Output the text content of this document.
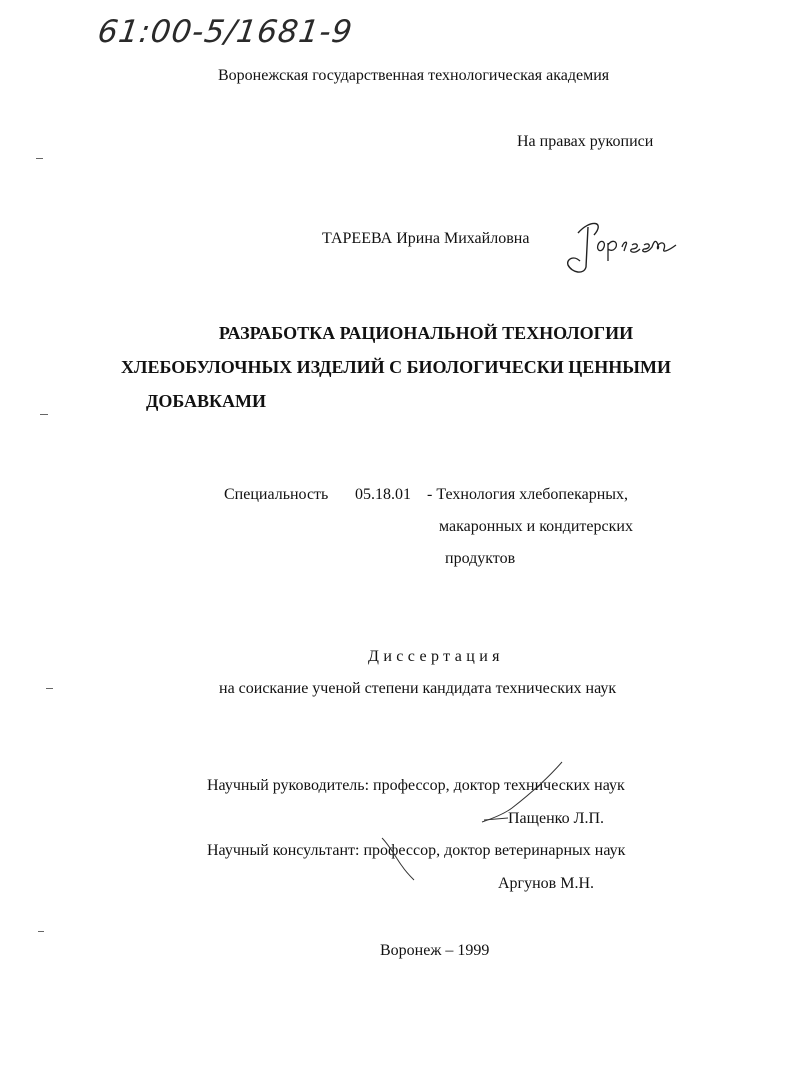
61:00-5/1681-9
Воронежская государственная технологическая академия
На правах рукописи
ТАРЕЕВА Ирина Михайловна
РАЗРАБОТКА РАЦИОНАЛЬНОЙ ТЕХНОЛОГИИ
ХЛЕБОБУЛОЧНЫХ ИЗДЕЛИЙ С БИОЛОГИЧЕСКИ ЦЕННЫМИ
ДОБАВКАМИ
Специальность 05.18.01 - Технология хлебопекарных,
макаронных и кондитерских
продуктов
Диссертация
на соискание ученой степени кандидата технических наук
Научный руководитель: профессор, доктор технических наук
Пащенко Л.П.
Научный консультант: профессор, доктор ветеринарных наук
Аргунов М.Н.
Воронеж – 1999
